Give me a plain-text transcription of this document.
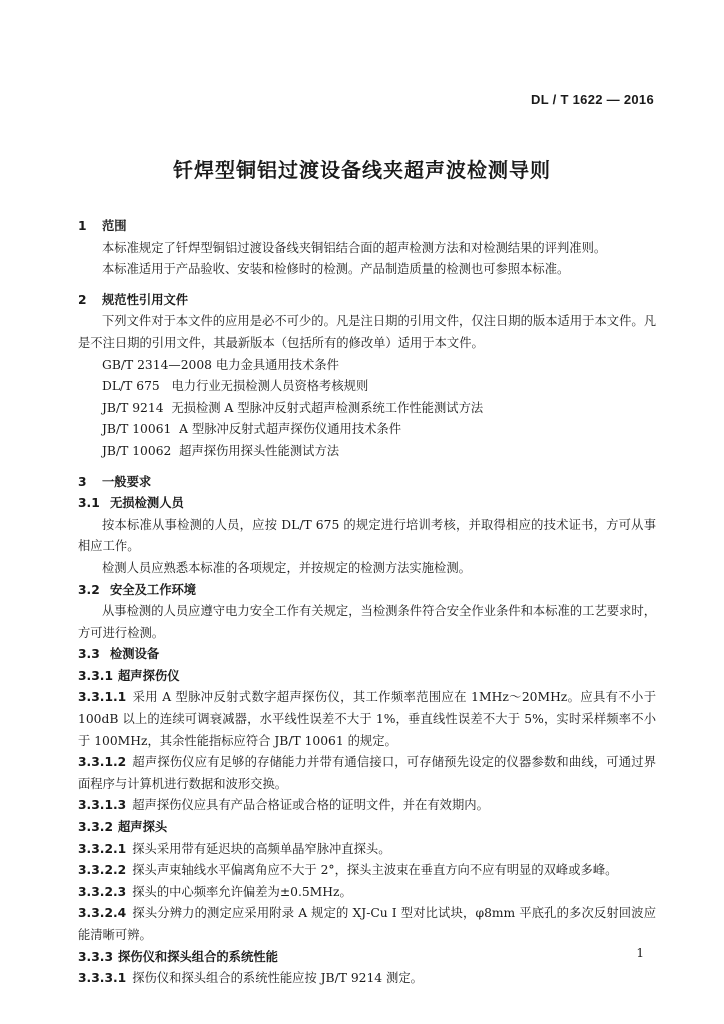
DL / T 1622 — 2016
钎焊型铜铝过渡设备线夹超声波检测导则
1 范围
本标准规定了钎焊型铜铝过渡设备线夹铜铝结合面的超声检测方法和对检测结果的评判准则。
本标准适用于产品验收、安装和检修时的检测。产品制造质量的检测也可参照本标准。
2 规范性引用文件
下列文件对于本文件的应用是必不可少的。凡是注日期的引用文件，仅注日期的版本适用于本文件。凡是不注日期的引用文件，其最新版本（包括所有的修改单）适用于本文件。
GB/T 2314—2008 电力金具通用技术条件
DL/T 675 电力行业无损检测人员资格考核规则
JB/T 9214 无损检测 A 型脉冲反射式超声检测系统工作性能测试方法
JB/T 10061 A 型脉冲反射式超声探伤仪通用技术条件
JB/T 10062 超声探伤用探头性能测试方法
3 一般要求
3.1 无损检测人员
按本标准从事检测的人员，应按 DL/T 675 的规定进行培训考核，并取得相应的技术证书，方可从事相应工作。
检测人员应熟悉本标准的各项规定，并按规定的检测方法实施检测。
3.2 安全及工作环境
从事检测的人员应遵守电力安全工作有关规定，当检测条件符合安全作业条件和本标准的工艺要求时，方可进行检测。
3.3 检测设备
3.3.1 超声探伤仪
3.3.1.1 采用 A 型脉冲反射式数字超声探伤仪，其工作频率范围应在 1MHz～20MHz。应具有不小于 100dB 以上的连续可调衰减器，水平线性误差不大于 1%，垂直线性误差不大于 5%，实时采样频率不小于 100MHz，其余性能指标应符合 JB/T 10061 的规定。
3.3.1.2 超声探伤仪应有足够的存储能力并带有通信接口，可存储预先设定的仪器参数和曲线，可通过界面程序与计算机进行数据和波形交换。
3.3.1.3 超声探伤仪应具有产品合格证或合格的证明文件，并在有效期内。
3.3.2 超声探头
3.3.2.1 探头采用带有延迟块的高频单晶窄脉冲直探头。
3.3.2.2 探头声束轴线水平偏离角应不大于 2°，探头主波束在垂直方向不应有明显的双峰或多峰。
3.3.2.3 探头的中心频率允许偏差为±0.5MHz。
3.3.2.4 探头分辨力的测定应采用附录 A 规定的 XJ-Cu Ⅰ 型对比试块，φ8mm 平底孔的多次反射回波应能清晰可辨。
3.3.3 探伤仪和探头组合的系统性能
3.3.3.1 探伤仪和探头组合的系统性能应按 JB/T 9214 测定。
1
